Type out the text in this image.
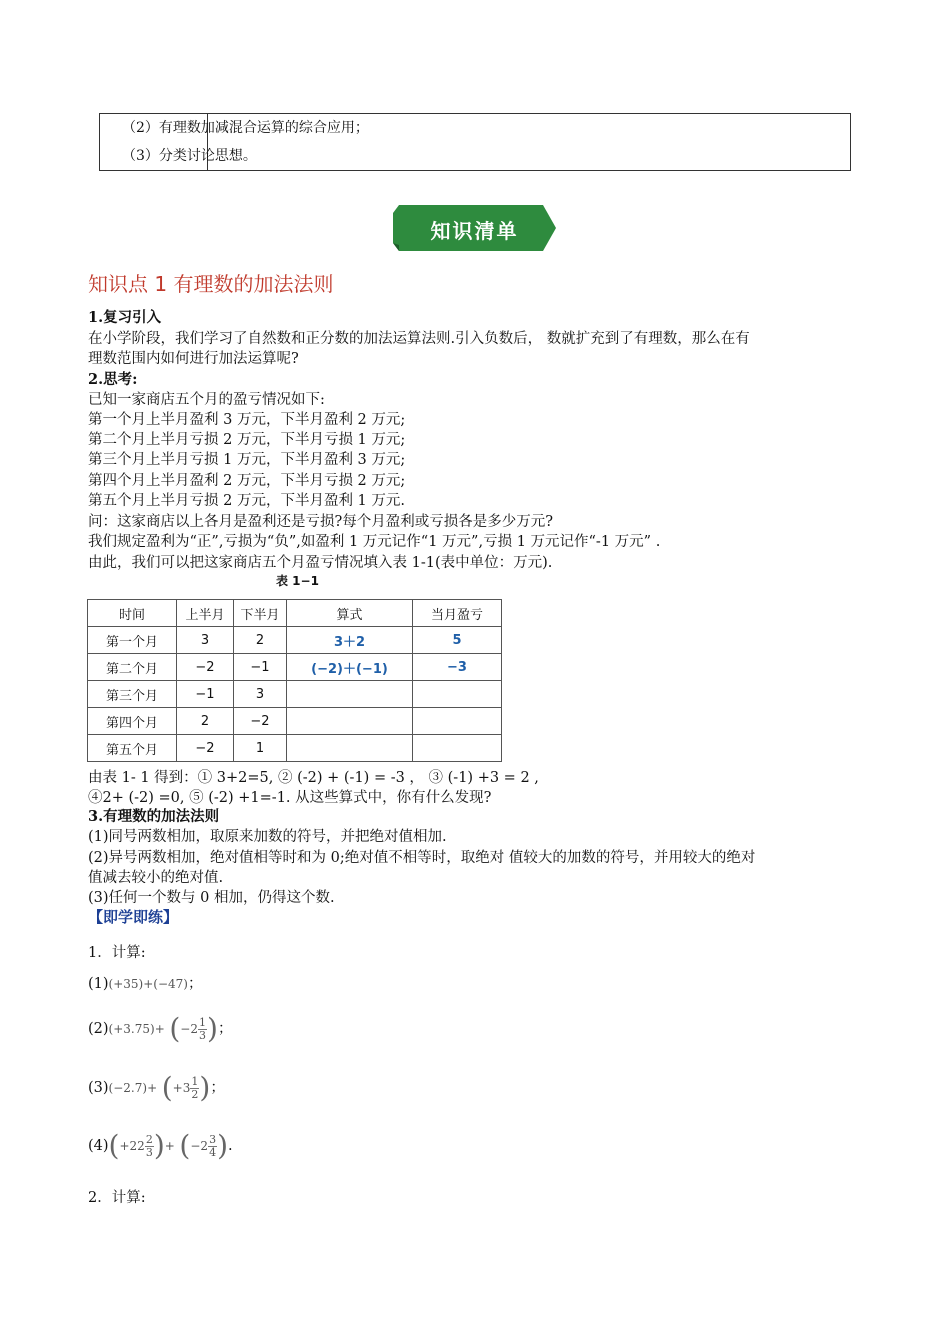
（2）有理数加减混合运算的综合应用；
（3）分类讨论思想。
知识清单
知识点 1 有理数的加法法则
1.复习引入
在小学阶段，我们学习了自然数和正分数的加法运算法则.引入负数后， 数就扩充到了有理数，那么在有
理数范围内如何进行加法运算呢?
2.思考:
已知一家商店五个月的盈亏情况如下:
第一个月上半月盈利 3 万元，下半月盈利 2 万元;
第二个月上半月亏损 2 万元，下半月亏损 1 万元;
第三个月上半月亏损 1 万元，下半月盈利 3 万元;
第四个月上半月盈利 2 万元，下半月亏损 2 万元;
第五个月上半月亏损 2 万元，下半月盈利 1 万元.
问：这家商店以上各月是盈利还是亏损?每个月盈利或亏损各是多少万元?
我们规定盈利为“正”,亏损为“负”,如盈利 1 万元记作“1 万元”,亏损 1 万元记作“-1 万元” .
由此，我们可以把这家商店五个月盈亏情况填入表 1-1(表中单位：万元).
表 1−1
时间	上半月	下半月	算式	当月盈亏
第一个月	3	2	3＋2	5
第二个月	−2	−1	(−2)＋(−1)	−3
第三个月	−1	3		
第四个月	2	−2		
第五个月	−2	1		
由表 1- 1 得到：① 3+2=5, ② (-2) + (-1) = -3 ， ③ (-1) +3 = 2 ,
④2+ (-2) =0, ⑤ (-2) +1=-1. 从这些算式中，你有什么发现?
3.有理数的加法法则
(1)同号两数相加，取原来加数的符号，并把绝对值相加.
(2)异号两数相加，绝对值相等时和为 0;绝对值不相等时，取绝对 值较大的加数的符号，并用较大的绝对
值减去较小的绝对值.
(3)任何一个数与 0 相加，仍得这个数.
【即学即练】
1．计算:
(1)(+35)+(−47)；
$(2)(+3.75)+ (-2 \frac{1}{3}$ )；
$(3)(-2.7)+ (+3 \frac{1}{2}$ )；
$(4)(+22 \frac{2}{3}$ )+ ($-2 \frac{3}{4}$ ).
2．计算:
